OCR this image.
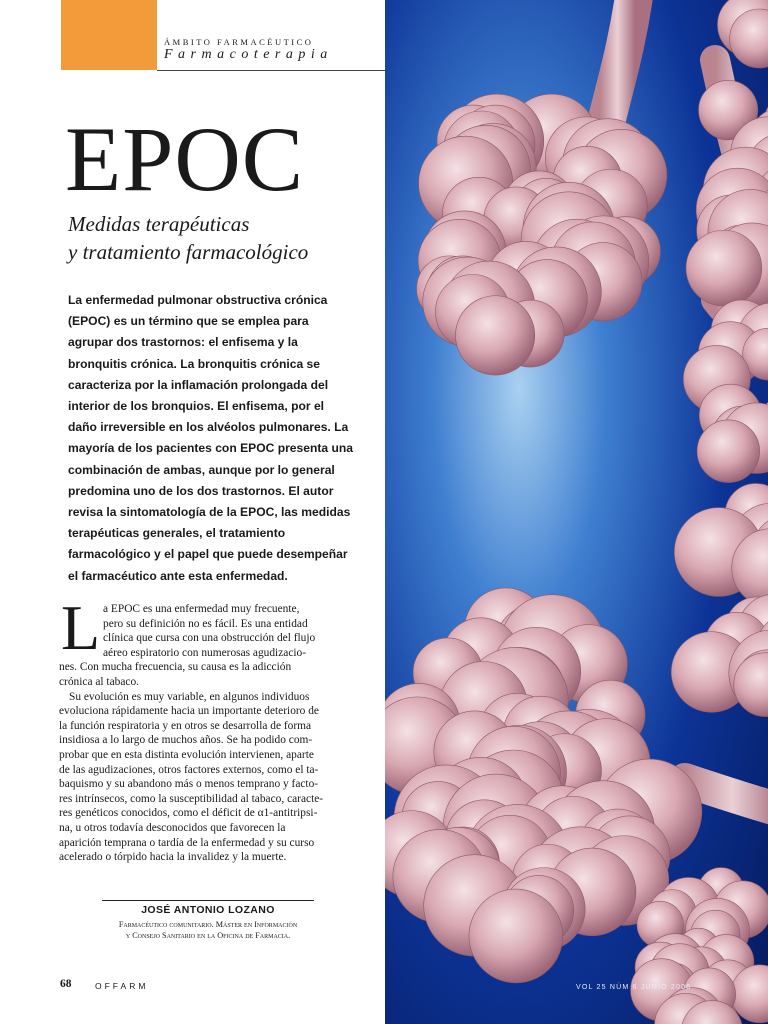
ÁMBITO FARMACÉUTICO
Farmacoterapia
EPOC
Medidas terapéuticas
y tratamiento farmacológico
La enfermedad pulmonar obstructiva crónica
(EPOC) es un término que se emplea para
agrupar dos trastornos: el enfisema y la
bronquitis crónica. La bronquitis crónica se
caracteriza por la inflamación prolongada del
interior de los bronquios. El enfisema, por el
daño irreversible en los alvéolos pulmonares. La
mayoría de los pacientes con EPOC presenta una
combinación de ambas, aunque por lo general
predomina uno de los dos trastornos. El autor
revisa la sintomatología de la EPOC, las medidas
terapéuticas generales, el tratamiento
farmacológico y el papel que puede desempeñar
el farmacéutico ante esta enfermedad.
L a EPOC es una enfermedad muy frecuente,
pero su definición no es fácil. Es una entidad
clínica que cursa con una obstrucción del flujo
aéreo espiratorio con numerosas agudizacio-
nes. Con mucha frecuencia, su causa es la adicción
crónica al tabaco.
Su evolución es muy variable, en algunos individuos
evoluciona rápidamente hacia un importante deterioro de
la función respiratoria y en otros se desarrolla de forma
insidiosa a lo largo de muchos años. Se ha podido com-
probar que en esta distinta evolución intervienen, aparte
de las agudizaciones, otros factores externos, como el ta-
baquismo y su abandono más o menos temprano y facto-
res intrínsecos, como la susceptibilidad al tabaco, caracte-
res genéticos conocidos, como el déficit de α1-antitripsi-
na, u otros todavía desconocidos que favorecen la
aparición temprana o tardía de la enfermedad y su curso
acelerado o tórpido hacia la invalidez y la muerte.
JOSÉ ANTONIO LOZANO
Farmacéutico comunitario. Máster en Información
y Consejo Sanitario en la Oficina de Farmacia.
68	OFFARM	VOL 25 NÚM 6 JUNIO 2006
